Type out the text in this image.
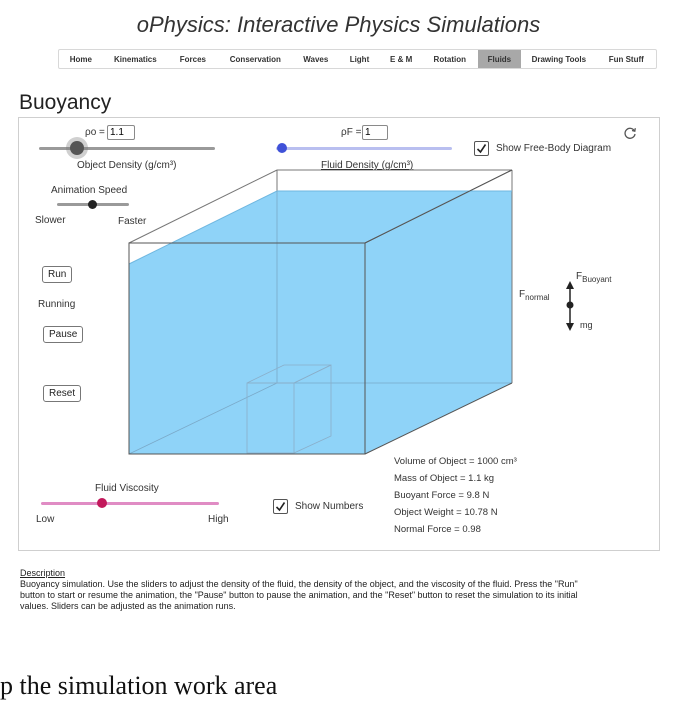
oPhysics: Interactive Physics Simulations
Home	Kinematics	Forces	Conservation	Waves	Light	E & M	Rotation	Fluids	Drawing Tools	Fun Stuff
Buoyancy
ρo =
1.1
Object Density (g/cm³)
ρF =
1
Fluid Density (g/cm³)
Show Free-Body Diagram
Animation Speed
Slower	Faster
Run
Running
Pause
Reset
$F_{normal}$
$F_{Buoyant}$
mg
Fluid Viscosity
Low	High
Show Numbers
Volume of Object = 1000 cm³
Mass of Object = 1.1 kg
Buoyant Force = 9.8 N
Object Weight = 10.78 N
Normal Force = 0.98
Description
Buoyancy simulation. Use the sliders to adjust the density of the fluid, the density of the object, and the viscosity of the fluid. Press the "Run" button to start or resume the animation, the "Pause" button to pause the animation, and the "Reset" button to reset the simulation to its initial values. Sliders can be adjusted as the animation runs.
p the simulation work area
